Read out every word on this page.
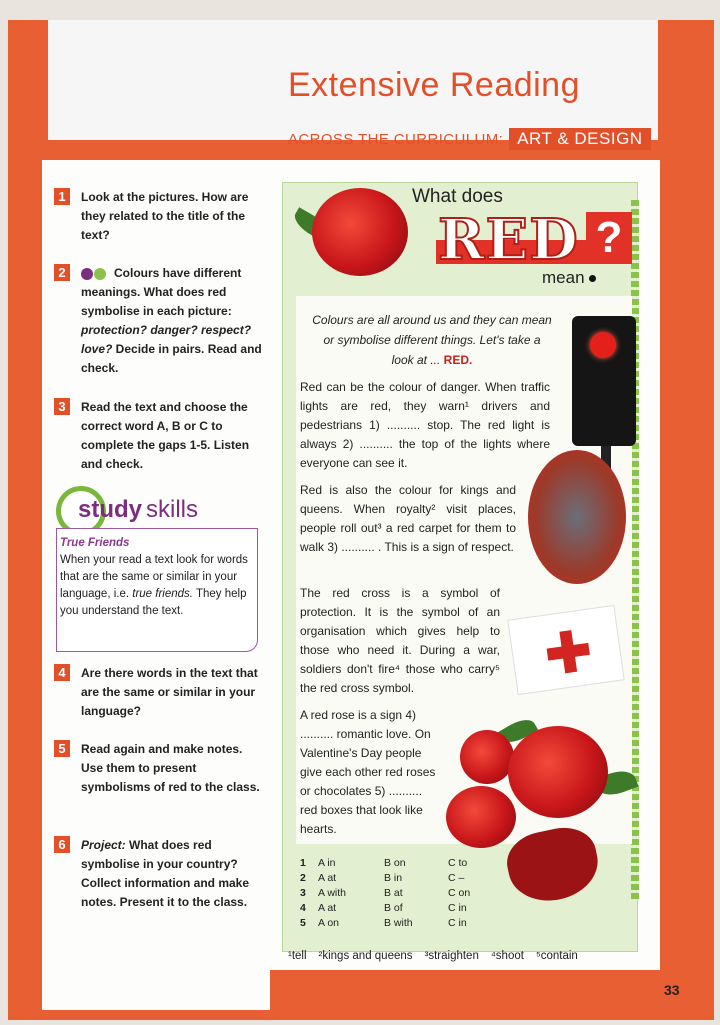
Extensive Reading
ACROSS THE CURRICULUM: ART & DESIGN
1	Look at the pictures. How are they related to the title of the text?
2	Colours have different meanings. What does red symbolise in each picture: protection? danger? respect? love? Decide in pairs. Read and check.
3	Read the text and choose the correct word A, B or C to complete the gaps 1-5. Listen and check.
study skills
True Friends
When your read a text look for words that are the same or similar in your language, i.e. true friends. They help you understand the text.
4	Are there words in the text that are the same or similar in your language?
5	Read again and make notes. Use them to present symbolisms of red to the class.
6	Project: What does red symbolise in your country? Collect information and make notes. Present it to the class.
What does
RED ?
mean
Colours are all around us and they can mean or symbolise different things. Let's take a look at ... RED.
Red can be the colour of danger. When traffic lights are red, they warn¹ drivers and pedestrians 1) .......... stop. The red light is always 2) .......... the top of the lights where everyone can see it.
Red is also the colour for kings and queens. When royalty² visit places, people roll out³ a red carpet for them to walk 3) .......... . This is a sign of respect.
The red cross is a symbol of protection. It is the symbol of an organisation which gives help to those who need it. During a war, soldiers don't fire⁴ those who carry⁵ the red cross symbol.
A red rose is a sign 4) .......... romantic love. On Valentine's Day people give each other red roses or chocolates 5) .......... red boxes that look like hearts.
1	A in	B on	C to
2	A at	B in	C –
3	A with	B at	C on
4	A at	B of	C in
5	A on	B with	C in
¹tell ²kings and queens ³straighten ⁴shoot ⁵contain
33
